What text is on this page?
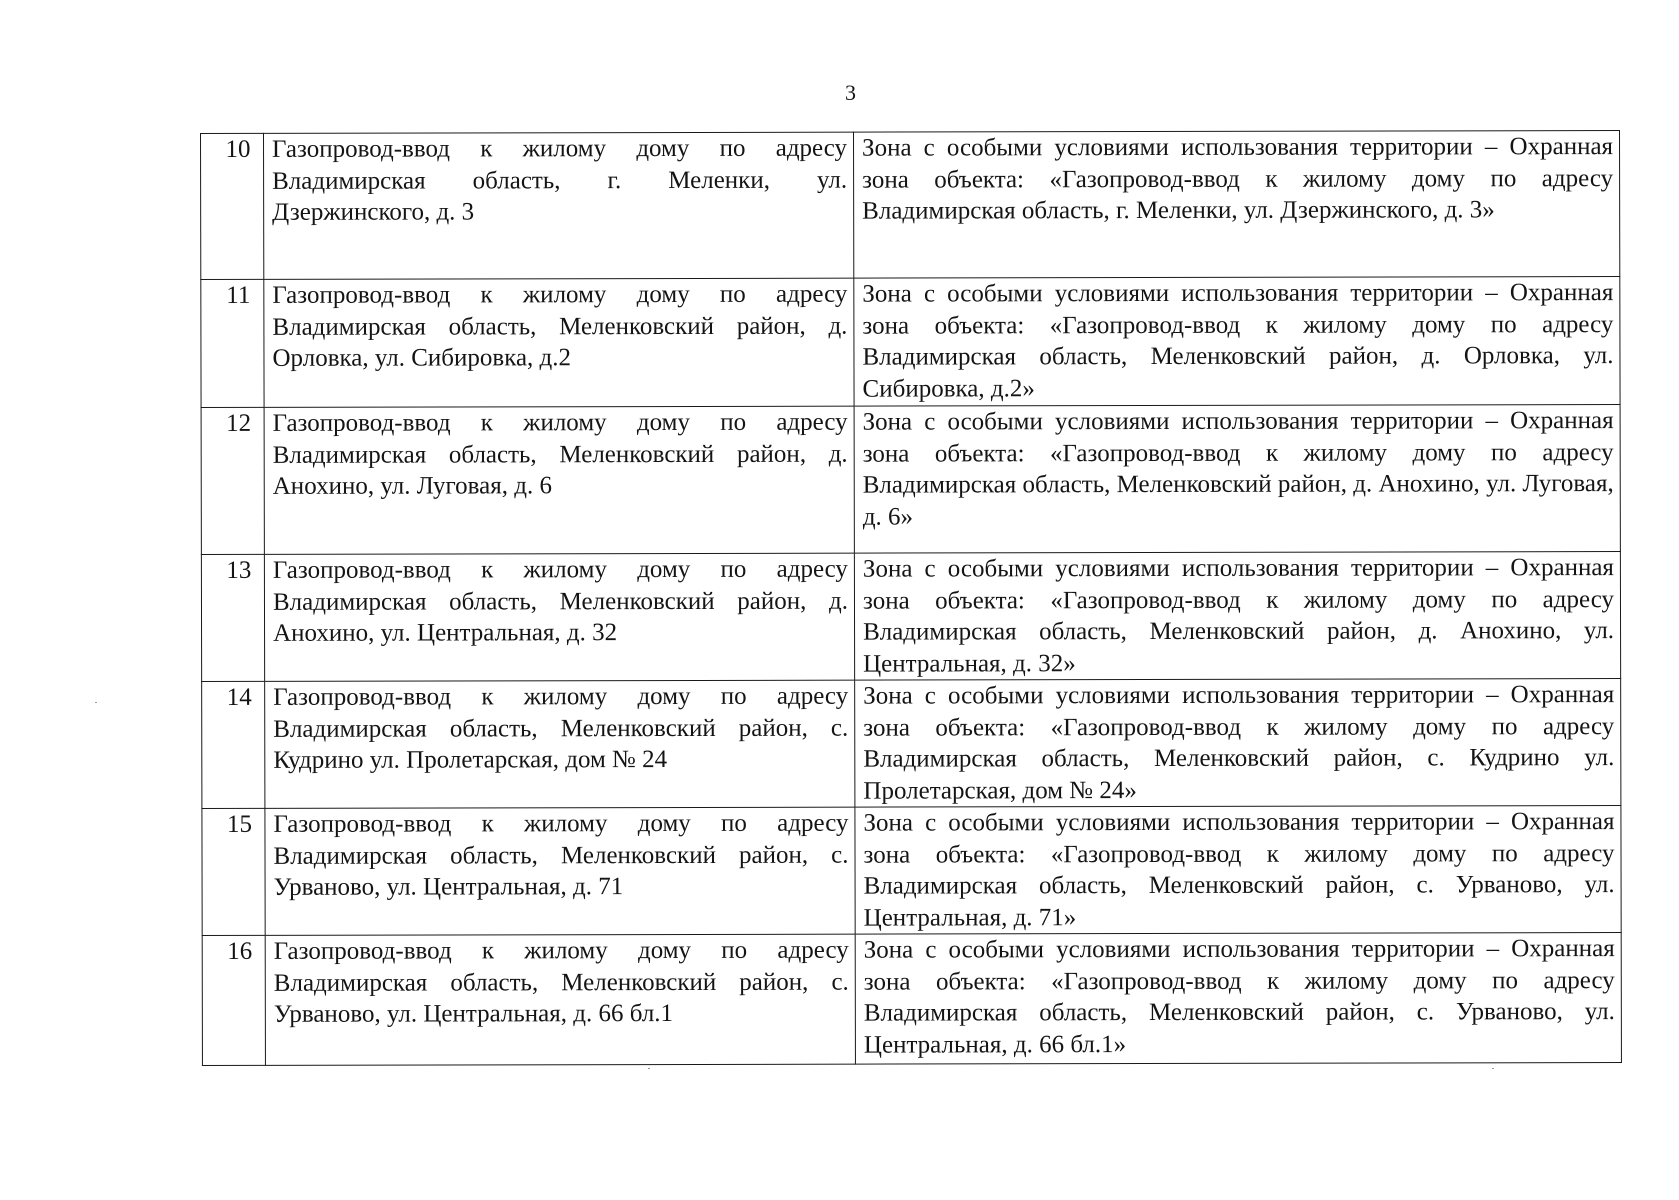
3
10	Газопровод-ввод к жилому дому по адресу Владимирская область, г. Меленки, ул. Дзержинского, д. 3	Зона с особыми условиями использования территории – Охранная зона объекта: «Газопровод-ввод к жилому дому по адресу Владимирская область, г. Меленки, ул. Дзержинского, д. 3»
11	Газопровод-ввод к жилому дому по адресу Владимирская область, Меленковский район, д. Орловка, ул. Сибировка, д.2	Зона с особыми условиями использования территории – Охранная зона объекта: «Газопровод-ввод к жилому дому по адресу Владимирская область, Меленковский район, д. Орловка, ул. Сибировка, д.2»
12	Газопровод-ввод к жилому дому по адресу Владимирская область, Меленковский район, д. Анохино, ул. Луговая, д. 6	Зона с особыми условиями использования территории – Охранная зона объекта: «Газопровод-ввод к жилому дому по адресу Владимирская область, Меленковский район, д. Анохино, ул. Луговая, д. 6»
13	Газопровод-ввод к жилому дому по адресу Владимирская область, Меленковский район, д. Анохино, ул. Центральная, д. 32	Зона с особыми условиями использования территории – Охранная зона объекта: «Газопровод-ввод к жилому дому по адресу Владимирская область, Меленковский район, д. Анохино, ул. Центральная, д. 32»
14	Газопровод-ввод к жилому дому по адресу Владимирская область, Меленковский район, с. Кудрино ул. Пролетарская, дом № 24	Зона с особыми условиями использования территории – Охранная зона объекта: «Газопровод-ввод к жилому дому по адресу Владимирская область, Меленковский район, с. Кудрино ул. Пролетарская, дом № 24»
15	Газопровод-ввод к жилому дому по адресу Владимирская область, Меленковский район, с. Урваново, ул. Центральная, д. 71	Зона с особыми условиями использования территории – Охранная зона объекта: «Газопровод-ввод к жилому дому по адресу Владимирская область, Меленковский район, с. Урваново, ул. Центральная, д. 71»
16	Газопровод-ввод к жилому дому по адресу Владимирская область, Меленковский район, с. Урваново, ул. Центральная, д. 66 бл.1	Зона с особыми условиями использования территории – Охранная зона объекта: «Газопровод-ввод к жилому дому по адресу Владимирская область, Меленковский район, с. Урваново, ул. Центральная, д. 66 бл.1»
